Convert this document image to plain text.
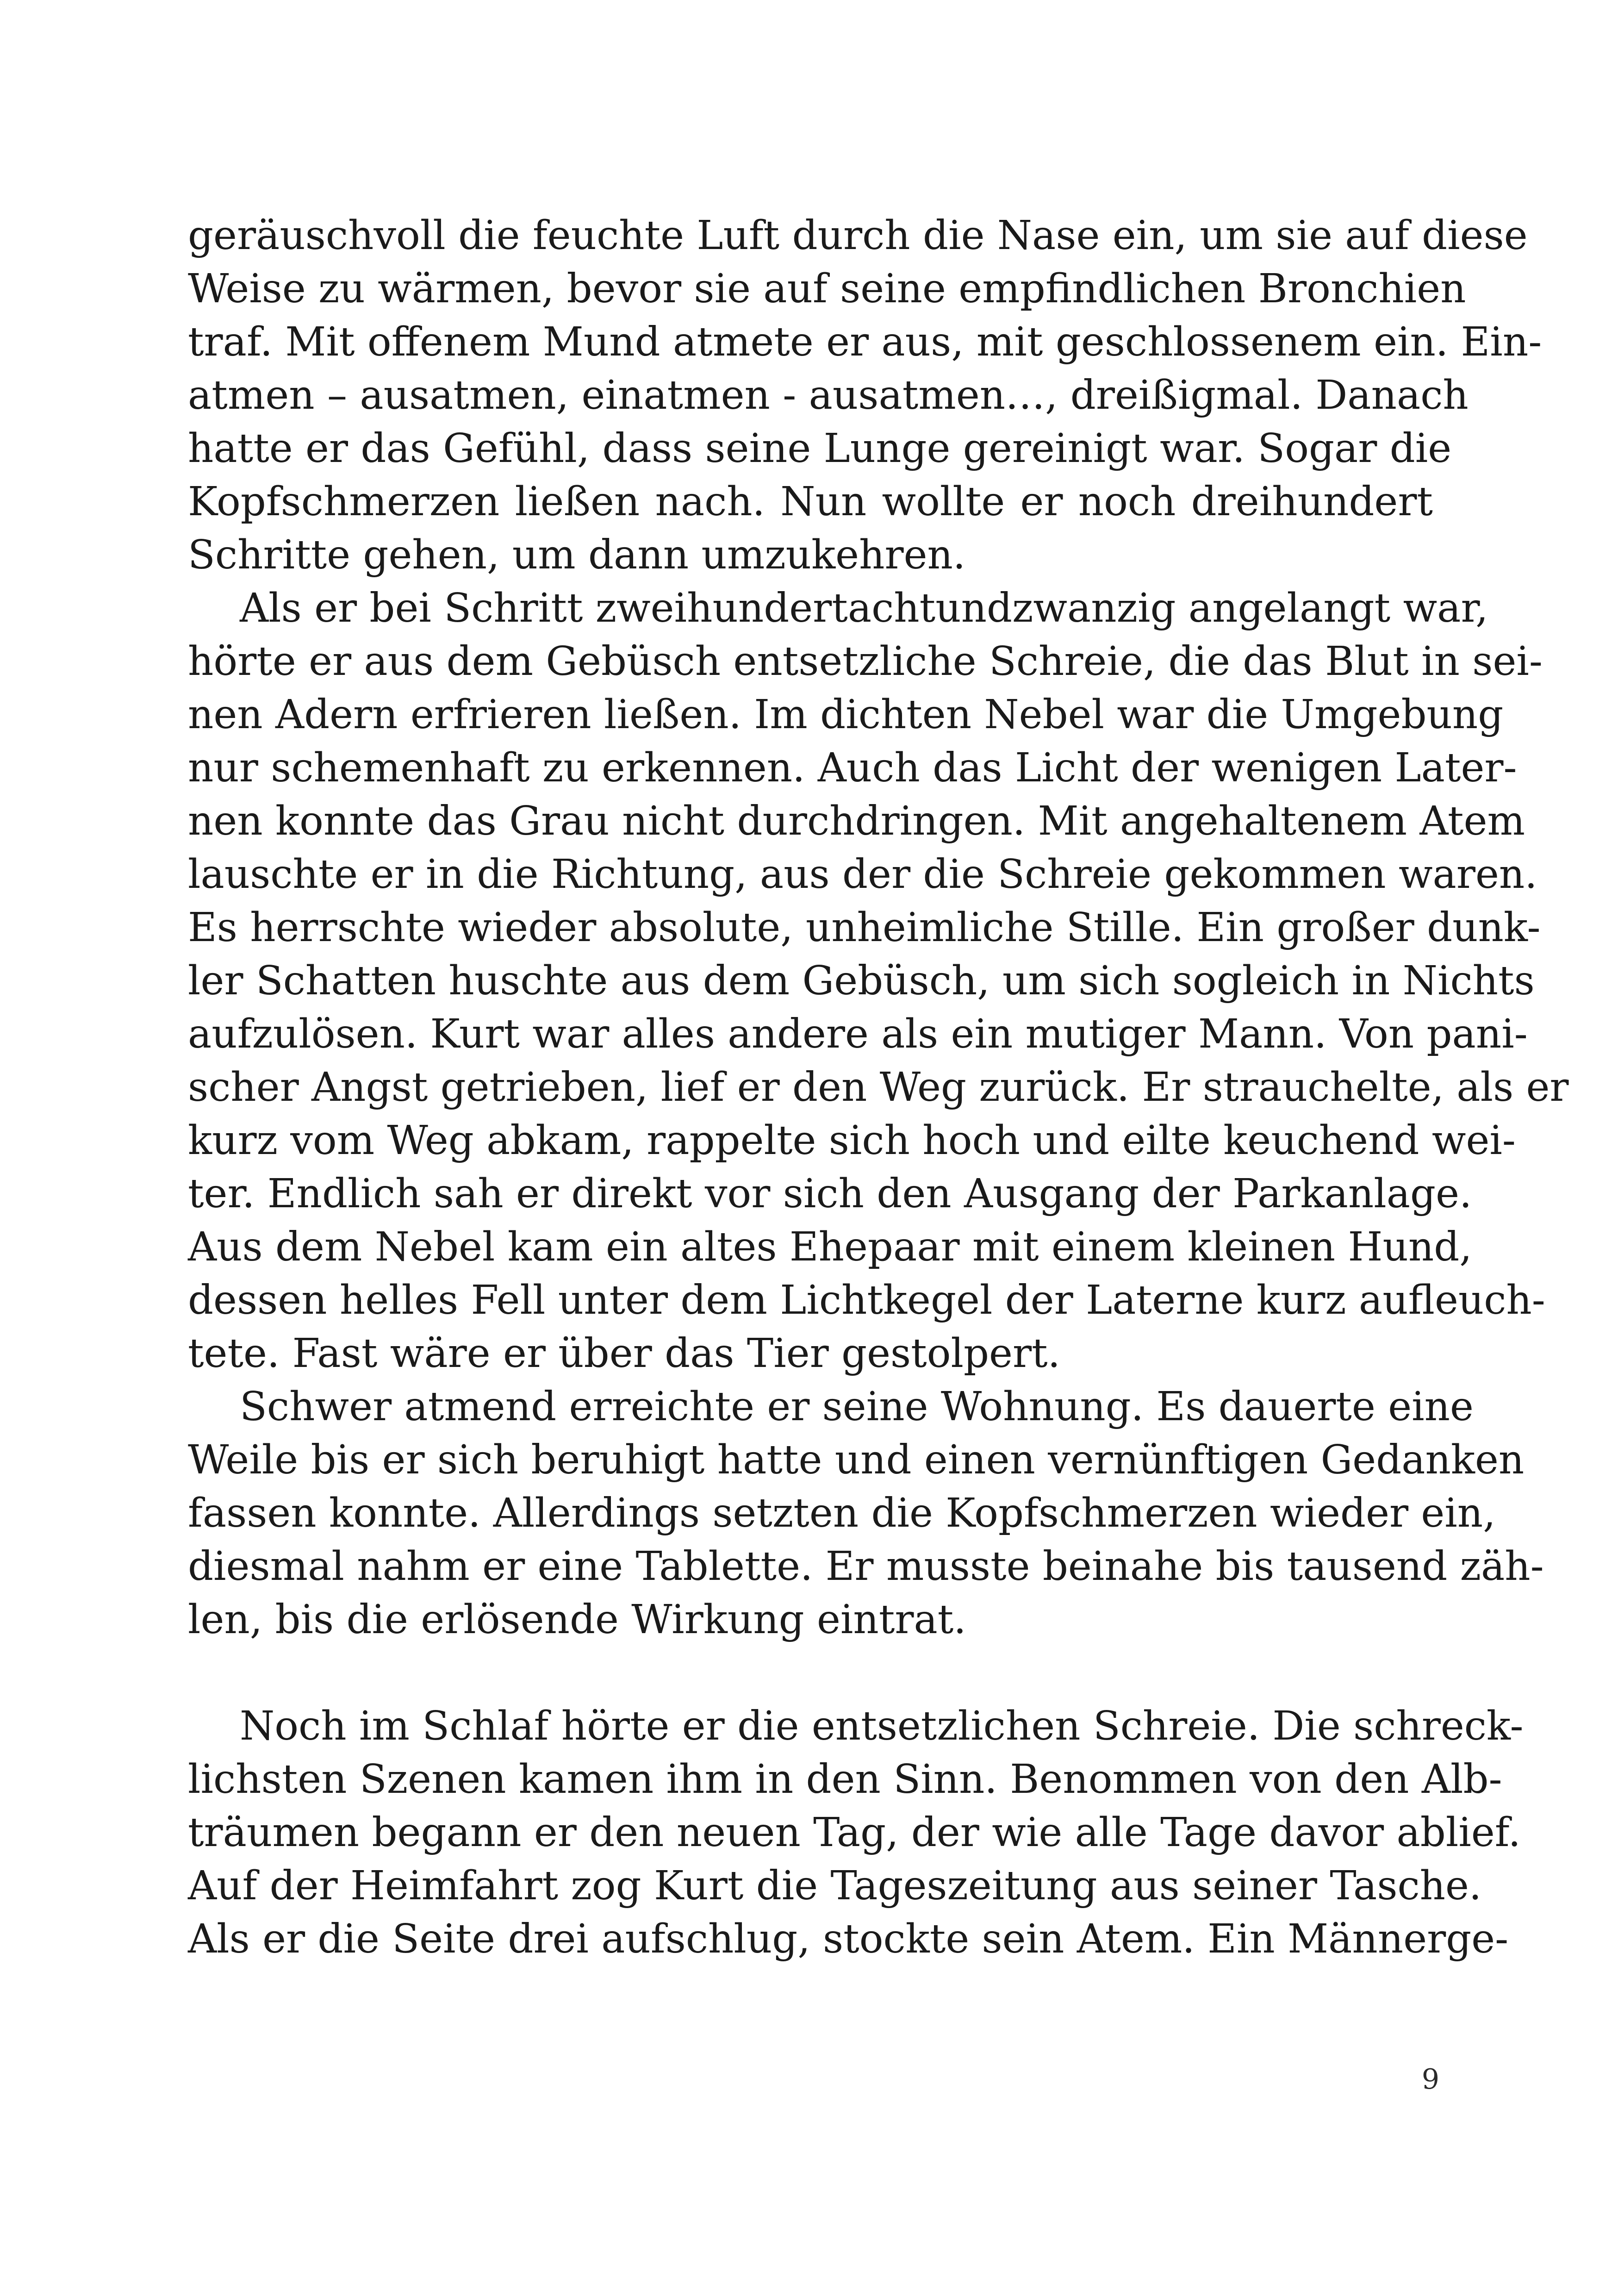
geräuschvoll die feuchte Luft durch die Nase ein, um sie auf diese
Weise zu wärmen, bevor sie auf seine empfindlichen Bronchien
traf. Mit offenem Mund atmete er aus, mit geschlossenem ein. Ein-
atmen – ausatmen, einatmen - ausatmen…, dreißigmal. Danach
hatte er das Gefühl, dass seine Lunge gereinigt war. Sogar die
Kopfschmerzen ließen nach. Nun wollte er noch dreihundert
Schritte gehen, um dann umzukehren.
Als er bei Schritt zweihundertachtundzwanzig angelangt war,
hörte er aus dem Gebüsch entsetzliche Schreie, die das Blut in sei-
nen Adern erfrieren ließen. Im dichten Nebel war die Umgebung
nur schemenhaft zu erkennen. Auch das Licht der wenigen Later-
nen konnte das Grau nicht durchdringen. Mit angehaltenem Atem
lauschte er in die Richtung, aus der die Schreie gekommen waren.
Es herrschte wieder absolute, unheimliche Stille. Ein großer dunk-
ler Schatten huschte aus dem Gebüsch, um sich sogleich in Nichts
aufzulösen. Kurt war alles andere als ein mutiger Mann. Von pani-
scher Angst getrieben, lief er den Weg zurück. Er strauchelte, als er
kurz vom Weg abkam, rappelte sich hoch und eilte keuchend wei-
ter. Endlich sah er direkt vor sich den Ausgang der Parkanlage.
Aus dem Nebel kam ein altes Ehepaar mit einem kleinen Hund,
dessen helles Fell unter dem Lichtkegel der Laterne kurz aufleuch-
tete. Fast wäre er über das Tier gestolpert.
Schwer atmend erreichte er seine Wohnung. Es dauerte eine
Weile bis er sich beruhigt hatte und einen vernünftigen Gedanken
fassen konnte. Allerdings setzten die Kopfschmerzen wieder ein,
diesmal nahm er eine Tablette. Er musste beinahe bis tausend zäh-
len, bis die erlösende Wirkung eintrat.
Noch im Schlaf hörte er die entsetzlichen Schreie. Die schreck-
lichsten Szenen kamen ihm in den Sinn. Benommen von den Alb-
träumen begann er den neuen Tag, der wie alle Tage davor ablief.
Auf der Heimfahrt zog Kurt die Tageszeitung aus seiner Tasche.
Als er die Seite drei aufschlug, stockte sein Atem. Ein Männerge-
9
